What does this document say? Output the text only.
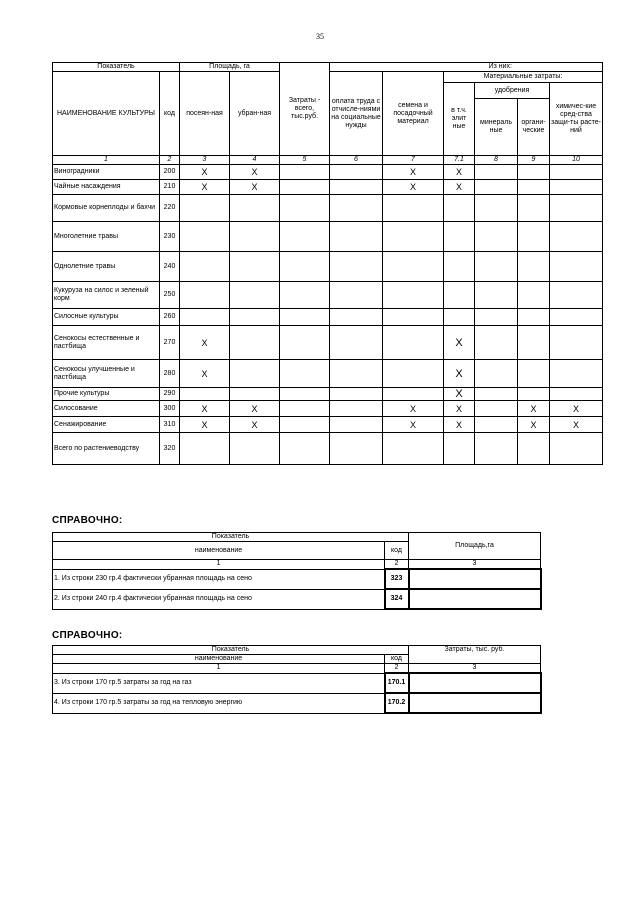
35
Показатель		Площадь, га		Затраты - всего, тыс.руб.	Из них:					
НАИМЕНОВАНИЕ КУЛЬТУРЫ	код	посеян-ная	убран-ная		оплата труда с отчисле-ниями на социальные нужды	семена и посадочный материал	Материальные затраты:			
							в т.ч. элит ные	удобрения		химичес-кие сред-ства защи-ты расте-ний
								минераль ные	органи-ческие	
1	2	3	4	5	6	7	7.1	8	9	10
Виноградники	200	X	X			X	X			
Чайные насаждения	210	X	X			X	X			
Кормовые корнеплоды и бахчи	220									
Многолетние травы	230									
Однолетние травы	240									
Кукуруза на силос и зеленый корм	250									
Силосные культуры	260									
Сенокосы естественные и пастбища	270	X					X			
Сенокосы улучшенные и пастбища	280	X					X			
Прочие культуры	290						X			
Силосование	300	X	X			X	X		X	X
Сенажирование	310	X	X			X	X		X	X
Всего по растениеводству	320									
СПРАВОЧНО:
Показатель		Площадь,га
наименование	код	
1	2	3
1. Из строки 230 гр.4 фактически убранная площадь на сено	323	
2. Из строки 240 гр.4 фактически убранная площадь на сено	324	
СПРАВОЧНО:
Показатель		Затраты, тыс. руб.
наименование	код	
1	2	3
3. Из строки 170 гр.5 затраты за год на газ	170.1	
4. Из строки 170 гр.5 затраты за год на тепловую энергию	170.2	
